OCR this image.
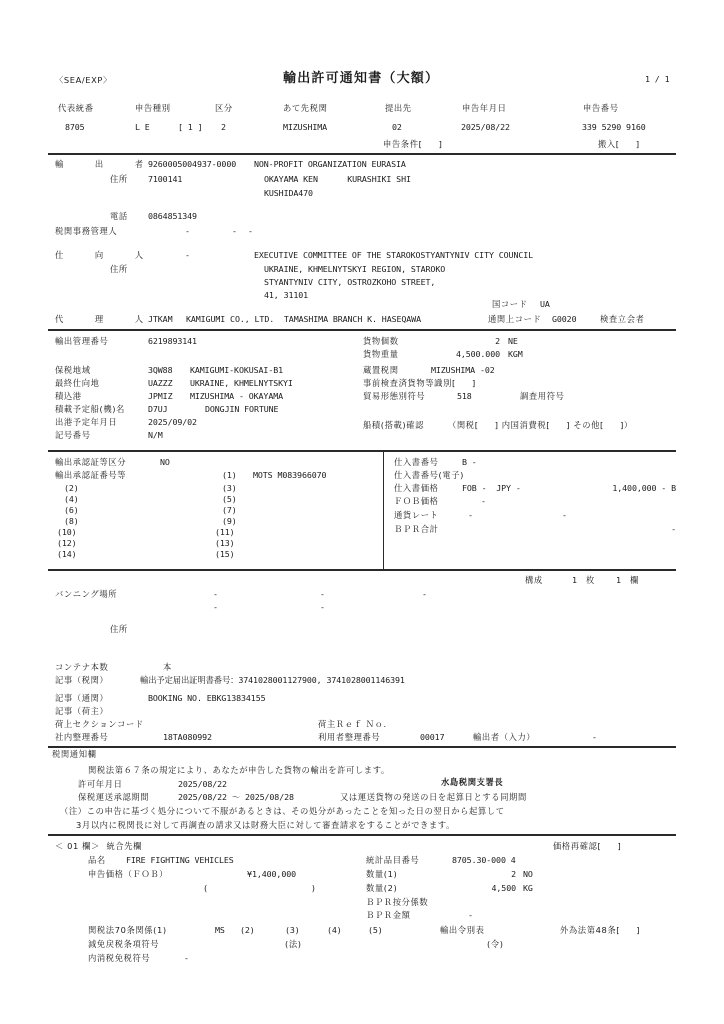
〈SEA/EXP〉	輸出許可通知書（大額）	1 / 1
代表統番	申告種別	区分	あて先税関	提出先	申告年月日	申告番号
8705	L E	[ 1 ] 2	MIZUSHIMA	02	2025/08/22	339 5290 9160
申告条件[     ]	搬入[     ]
輸　　出　　者 9260005004937-0000 NON-PROFIT ORGANIZATION EURASIA
住所 7100141	OKAYAMA KEN      KURASHIKI SHI
KUSHIDA470
電話 0864851349
税関事務管理人	-	- -
仕　　向　　人	-	EXECUTIVE COMMITTEE OF THE STAROKOSTYANTYNIV CITY COUNCIL
住所	UKRAINE, KHMELNYTSKYI REGION, STAROKO
STYANTYNIV CITY, OSTROZKOHO STREET,
41, 31101
国コード UA
代　　理　　人 JTKAM KAMIGUMI CO., LTD.  TAMASHIMA BRANCH K. HASEQAWA	通関上コード G0020	検査立会者
輸出管理番号	6219893141
保税地域	3QW88 KAMIGUMI-KOKUSAI-B1
最終仕向地	UAZZZ UKRAINE, KHMELNYTSKYI
積込港	JPMIZ MIZUSHIMA - OKAYAMA
積載予定船(機)名	D7UJ	DONGJIN FORTUNE
出港予定年月日	2025/09/02
記号番号	N/M
貨物個数	2 NE
貨物重量	4,500.000 KGM
蔵置税関	MIZUSHIMA -02
事前検査済貨物等識別[     ]
貿易形態別符号	518	調査用符号
船積(搭載)確認	（関税[     ] 内国消費税[     ] その他[     ]）
輸出承認証等区分	NO
輸出承認証番号等	(1) MOTS M083966070
(2)	(3)
(4)	(5)
(6)	(7)
(8)	(9)
(10)	(11)
(12)	(13)
(14)	(15)
仕入書番号	B -
仕入書番号(電子)
仕入書価格	FOB -  JPY -	1,400,000 - B
ＦＯＢ価格	-
通貨レート	-	-
ＢＰＲ合計	-
構成	1 枚	1 欄
バンニング場所	-	-	-
-	-
住所
コンテナ本数	本
記事（税関）	輸出予定届出証明書番号：3741028001127900, 3741028001146391
記事（通関）	BOOKING NO. EBKG13834155
記事（荷主）
荷上セクションコード	荷主Ｒｅｆ Ｎｏ.
社内整理番号	18TA080992	利用者整理番号	00017	輸出者（入力）	-
税関通知欄
関税法第６７条の規定により、あなたが申告した貨物の輸出を許可します。
許可年月日	2025/08/22	水島税関支署長
保税運送承認期間	2025/08/22 ～ 2025/08/28	又は運送貨物の発送の日を起算日とする同期間
（注）この申告に基づく処分について不服があるときは、その処分があったことを知った日の翌日から起算して
3月以内に税関長に対して再調査の請求又は財務大臣に対して審査請求をすることができます。
＜ 01 欄＞  統合先欄	価格再確認[     ]
品名 FIRE FIGHTING VEHICLES	統計品目番号	8705.30-000 4
申告価格（ＦＯＢ）	¥1,400,000	数量(1)	2 NO
(	)	数量(2)	4,500 KG
ＢＰＲ按分係数
ＢＰＲ金額	-
関税法70条関係(1)	MS (2)	(3)	(4)	(5)	輸出令別表	外為法第48条[     ]
減免戻税条項符号	(法)	(令)
内消税免税符号	-
